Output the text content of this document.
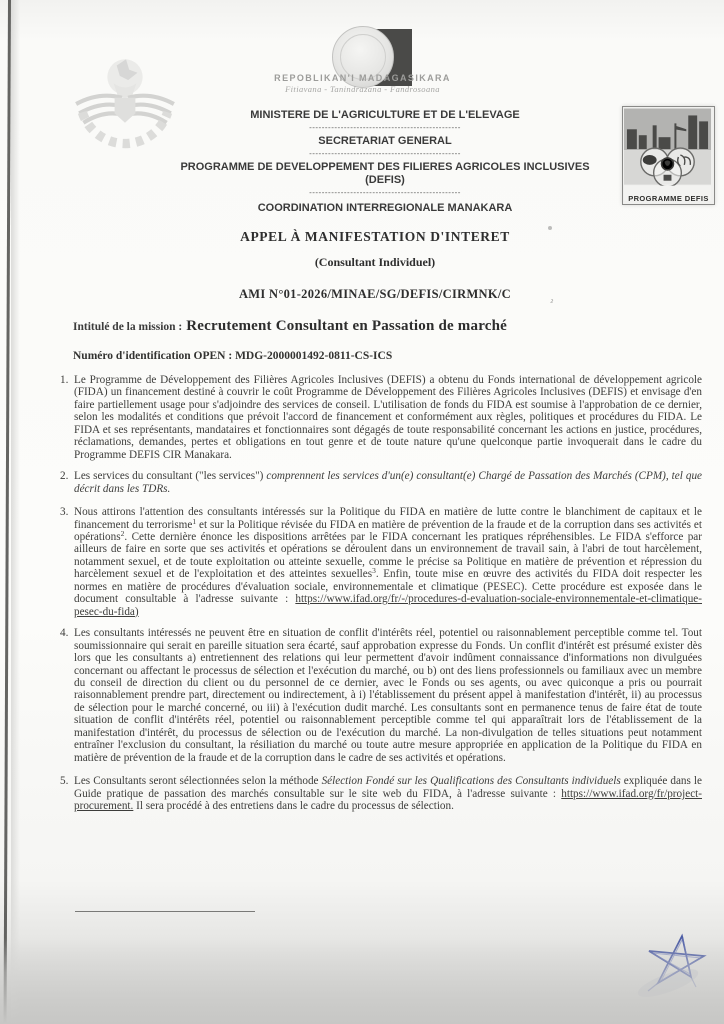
REPOBLIKAN'I MADAGASIKARA
Fitiavana - Tanindrazana - Fandrosoana
PROGRAMME DEFIS
MINISTERE DE L'AGRICULTURE ET DE L'ELEVAGE
------------------------------------------------
SECRETARIAT GENERAL
------------------------------------------------
PROGRAMME DE DEVELOPPEMENT DES FILIERES AGRICOLES INCLUSIVES
(DEFIS)
------------------------------------------------
COORDINATION INTERREGIONALE MANAKARA
APPEL À MANIFESTATION D'INTERET
(Consultant Individuel)
AMI N°01-2026/MINAE/SG/DEFIS/CIRMNK/C
Intitulé de la mission : Recrutement Consultant en Passation de marché
Numéro d'identification OPEN : MDG-2000001492-0811-CS-ICS
1. Le Programme de Développement des Filières Agricoles Inclusives (DEFIS) a obtenu du Fonds international de développement agricole (FIDA) un financement destiné à couvrir le coût Programme de Développement des Filières Agricoles Inclusives (DEFIS) et envisage d'en faire partiellement usage pour s'adjoindre des services de conseil. L'utilisation de fonds du FIDA est soumise à l'approbation de ce dernier, selon les modalités et conditions que prévoit l'accord de financement et conformément aux règles, politiques et procédures du FIDA. Le FIDA et ses représentants, mandataires et fonctionnaires sont dégagés de toute responsabilité concernant les actions en justice, procédures, réclamations, demandes, pertes et obligations en tout genre et de toute nature qu'une quelconque partie invoquerait dans le cadre du Programme DEFIS CIR Manakara.
2. Les services du consultant ("les services") comprennent les services d'un(e) consultant(e) Chargé de Passation des Marchés (CPM), tel que décrit dans les TDRs.
3. Nous attirons l'attention des consultants intéressés sur la Politique du FIDA en matière de lutte contre le blanchiment de capitaux et le financement du terrorisme$^1$ et sur la Politique révisée du FIDA en matière de prévention de la fraude et de la corruption dans ses activités et opérations$^2$. Cette dernière énonce les dispositions arrêtées par le FIDA concernant les pratiques répréhensibles. Le FIDA s'efforce par ailleurs de faire en sorte que ses activités et opérations se déroulent dans un environnement de travail sain, à l'abri de tout harcèlement, notamment sexuel, et de toute exploitation ou atteinte sexuelle, comme le précise sa Politique en matière de prévention et répression du harcèlement sexuel et de l'exploitation et des atteintes sexuelles$^3$. Enfin, toute mise en œuvre des activités du FIDA doit respecter les normes en matière de procédures d'évaluation sociale, environnementale et climatique (PESEC). Cette procédure est exposée dans le document consultable à l'adresse suivante : https://www.ifad.org/fr/-/procedures-d-evaluation-sociale-environnementale-et-climatique-pesec-du-fida)
4. Les consultants intéressés ne peuvent être en situation de conflit d'intérêts réel, potentiel ou raisonnablement perceptible comme tel. Tout soumissionnaire qui serait en pareille situation sera écarté, sauf approbation expresse du Fonds. Un conflit d'intérêt est présumé exister dès lors que les consultants a) entretiennent des relations qui leur permettent d'avoir indûment connaissance d'informations non divulguées concernant ou affectant le processus de sélection et l'exécution du marché, ou b) ont des liens professionnels ou familiaux avec un membre du conseil de direction du client ou du personnel de ce dernier, avec le Fonds ou ses agents, ou avec quiconque a pris ou pourrait raisonnablement prendre part, directement ou indirectement, à i) l'établissement du présent appel à manifestation d'intérêt, ii) au processus de sélection pour le marché concerné, ou iii) à l'exécution dudit marché. Les consultants sont en permanence tenus de faire état de toute situation de conflit d'intérêts réel, potentiel ou raisonnablement perceptible comme tel qui apparaîtrait lors de l'établissement de la manifestation d'intérêt, du processus de sélection ou de l'exécution du marché. La non-divulgation de telles situations peut notamment entraîner l'exclusion du consultant, la résiliation du marché ou toute autre mesure appropriée en application de la Politique du FIDA en matière de prévention de la fraude et de la corruption dans le cadre de ses activités et opérations.
5. Les Consultants seront sélectionnées selon la méthode Sélection Fondé sur les Qualifications des Consultants individuels expliquée dans le Guide pratique de passation des marchés consultable sur le site web du FIDA, à l'adresse suivante : https://www.ifad.org/fr/project-procurement. Il sera procédé à des entretiens dans le cadre du processus de sélection.
₂
